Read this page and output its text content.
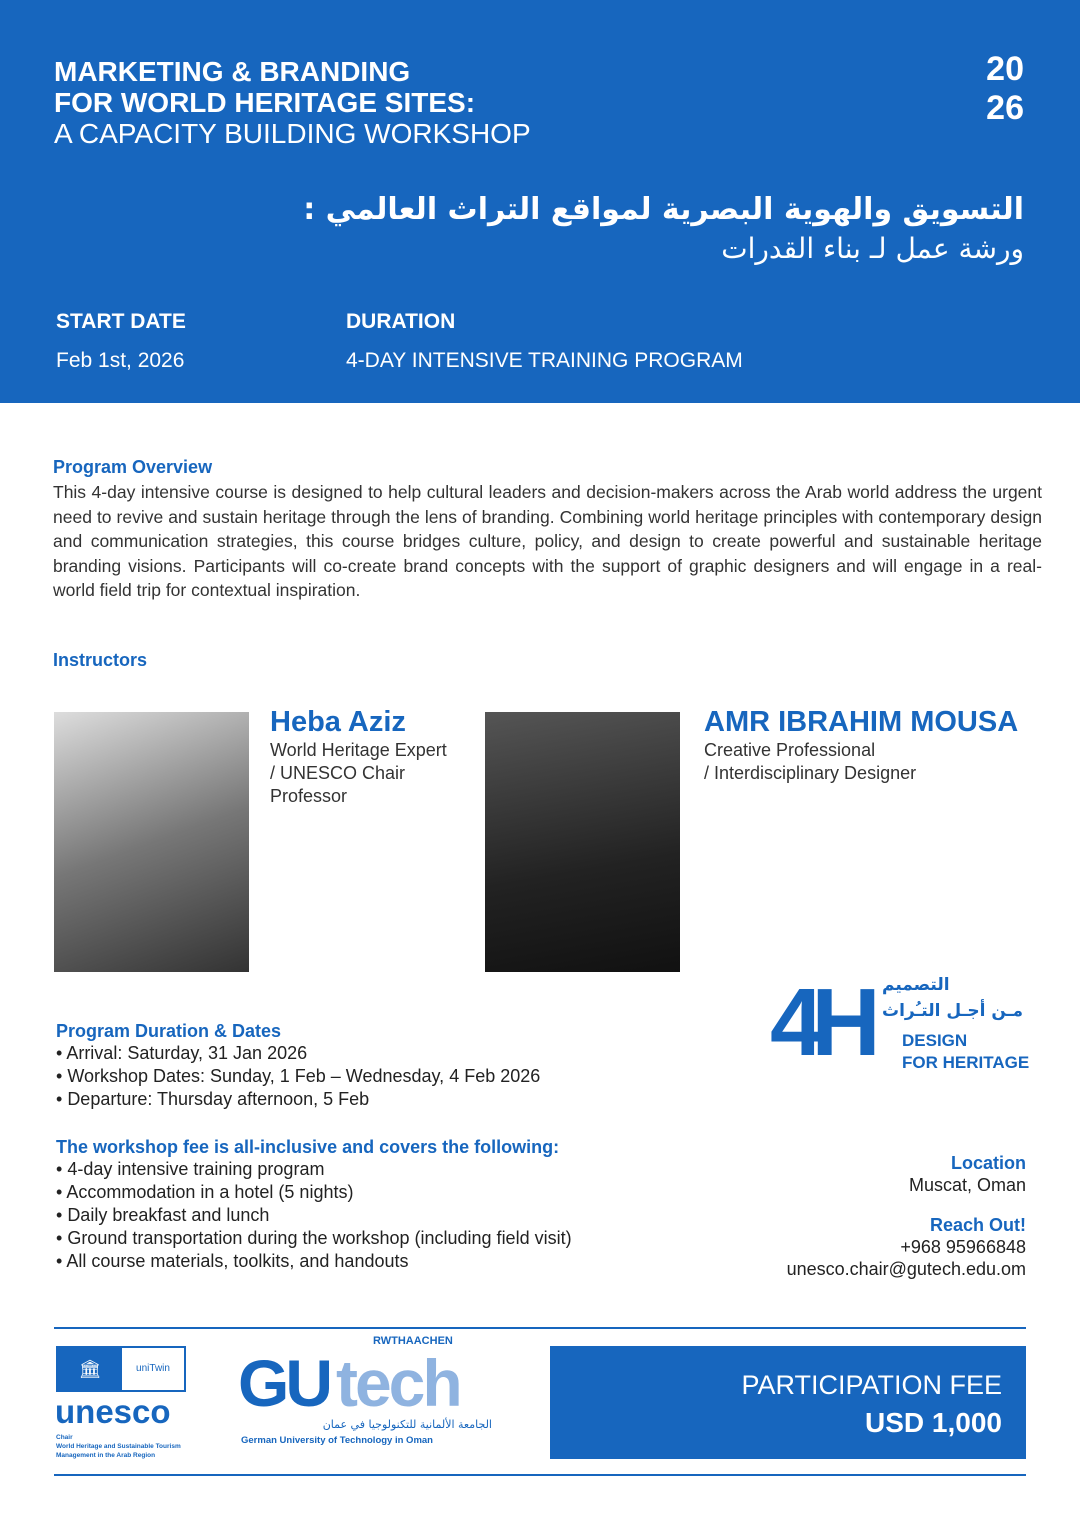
MARKETING & BRANDING
FOR WORLD HERITAGE SITES:
A CAPACITY BUILDING WORKSHOP
20
26
التسويق والهوية البصرية لمواقع التراث العالمي :
ورشة عمل لـ بناء القدرات
START DATE
Feb 1st, 2026
DURATION
4-DAY INTENSIVE TRAINING PROGRAM
Program Overview
This 4-day intensive course is designed to help cultural leaders and decision-makers across the Arab world address the urgent need to revive and sustain heritage through the lens of branding. Combining world heritage principles with contemporary design and communication strategies, this course bridges culture, policy, and design to create powerful and sustainable heritage branding visions. Participants will co-create brand concepts with the support of graphic designers and will engage in a real-world field trip for contextual inspiration.
Instructors
Heba Aziz
World Heritage Expert
/ UNESCO Chair
Professor
AMR IBRAHIM MOUSA
Creative Professional
/ Interdisciplinary Designer
Program Duration & Dates
• Arrival: Saturday, 31 Jan 2026
• Workshop Dates: Sunday, 1 Feb – Wednesday, 4 Feb 2026
• Departure: Thursday afternoon, 5 Feb
The workshop fee is all-inclusive and covers the following:
• 4-day intensive training program
• Accommodation in a hotel (5 nights)
• Daily breakfast and lunch
• Ground transportation during the workshop (including field visit)
• All course materials, toolkits, and handouts
4H التصميم
مـن أجـل التـُراث
DESIGN
FOR HERITAGE
Location
Muscat, Oman
Reach Out!
+968 95966848
unesco.chair@gutech.edu.om
🏛	uniTwin
unesco
Chair
World Heritage and Sustainable Tourism
Management in the Arab Region
RWTHAACHEN
GU tech
الجامعة الألمانية للتكنولوجيا في عمان
German University of Technology in Oman
PARTICIPATION FEE
USD 1,000
